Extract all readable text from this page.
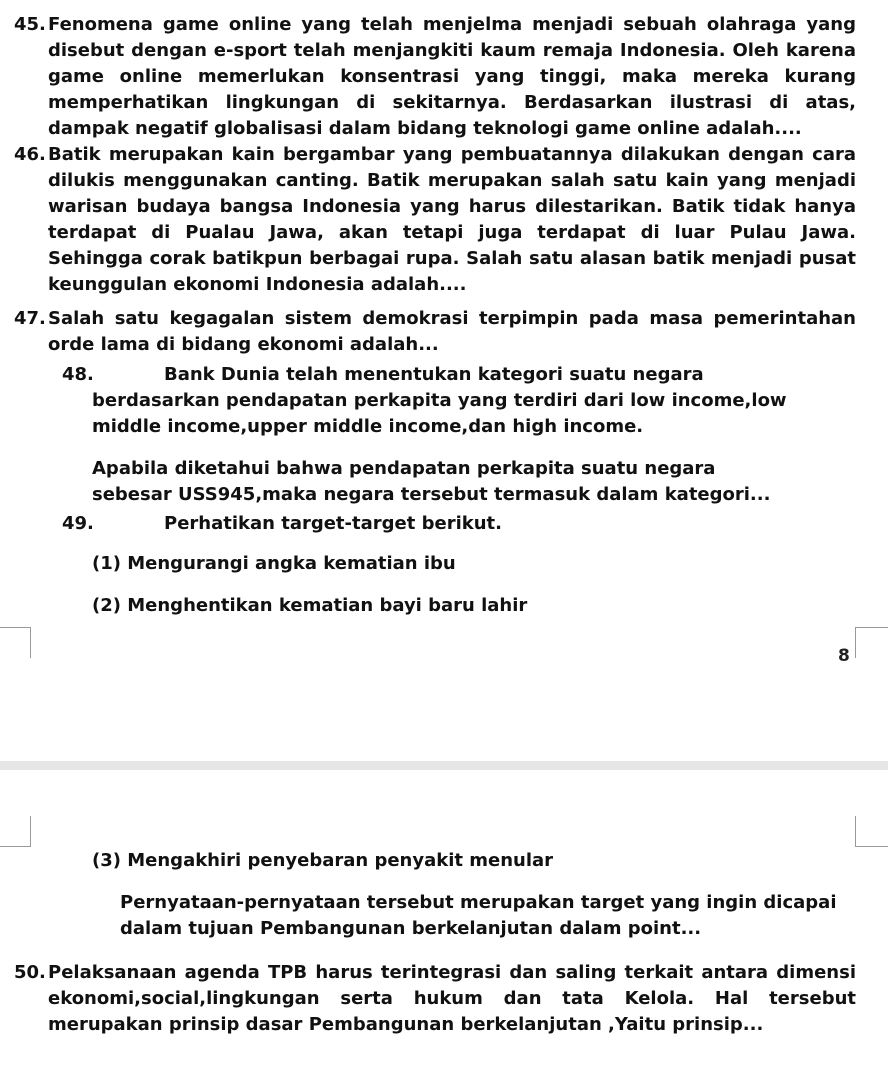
45. Fenomena game online yang telah menjelma menjadi sebuah olahraga yang disebut dengan e-sport telah menjangkiti kaum remaja Indonesia. Oleh karena game online memerlukan konsentrasi yang tinggi, maka mereka kurang memperhatikan lingkungan di sekitarnya. Berdasarkan ilustrasi di atas, dampak negatif globalisasi dalam bidang teknologi game online adalah....
46. Batik merupakan kain bergambar yang pembuatannya dilakukan dengan cara dilukis menggunakan canting. Batik merupakan salah satu kain yang menjadi warisan budaya bangsa Indonesia yang harus dilestarikan. Batik tidak hanya terdapat di Pualau Jawa, akan tetapi juga terdapat di luar Pulau Jawa. Sehingga corak batikpun berbagai rupa. Salah satu alasan batik menjadi pusat keunggulan ekonomi Indonesia adalah....
47. Salah satu kegagalan sistem demokrasi terpimpin pada masa pemerintahan orde lama di bidang ekonomi adalah...
48.	Bank Dunia telah menentukan kategori suatu negara berdasarkan pendapatan perkapita yang terdiri dari low income,low middle income,upper middle income,dan high income.
Apabila diketahui bahwa pendapatan perkapita suatu negara sebesar USS945,maka negara tersebut termasuk dalam kategori...
49.	Perhatikan target-target berikut.
(1) Mengurangi angka kematian ibu
(2) Menghentikan kematian bayi baru lahir
8
(3) Mengakhiri penyebaran penyakit menular
Pernyataan-pernyataan tersebut merupakan target yang ingin dicapai dalam tujuan Pembangunan berkelanjutan dalam point...
50. Pelaksanaan agenda TPB harus terintegrasi dan saling terkait antara dimensi ekonomi,social,lingkungan serta hukum dan tata Kelola. Hal tersebut merupakan prinsip dasar Pembangunan berkelanjutan ,Yaitu prinsip...
